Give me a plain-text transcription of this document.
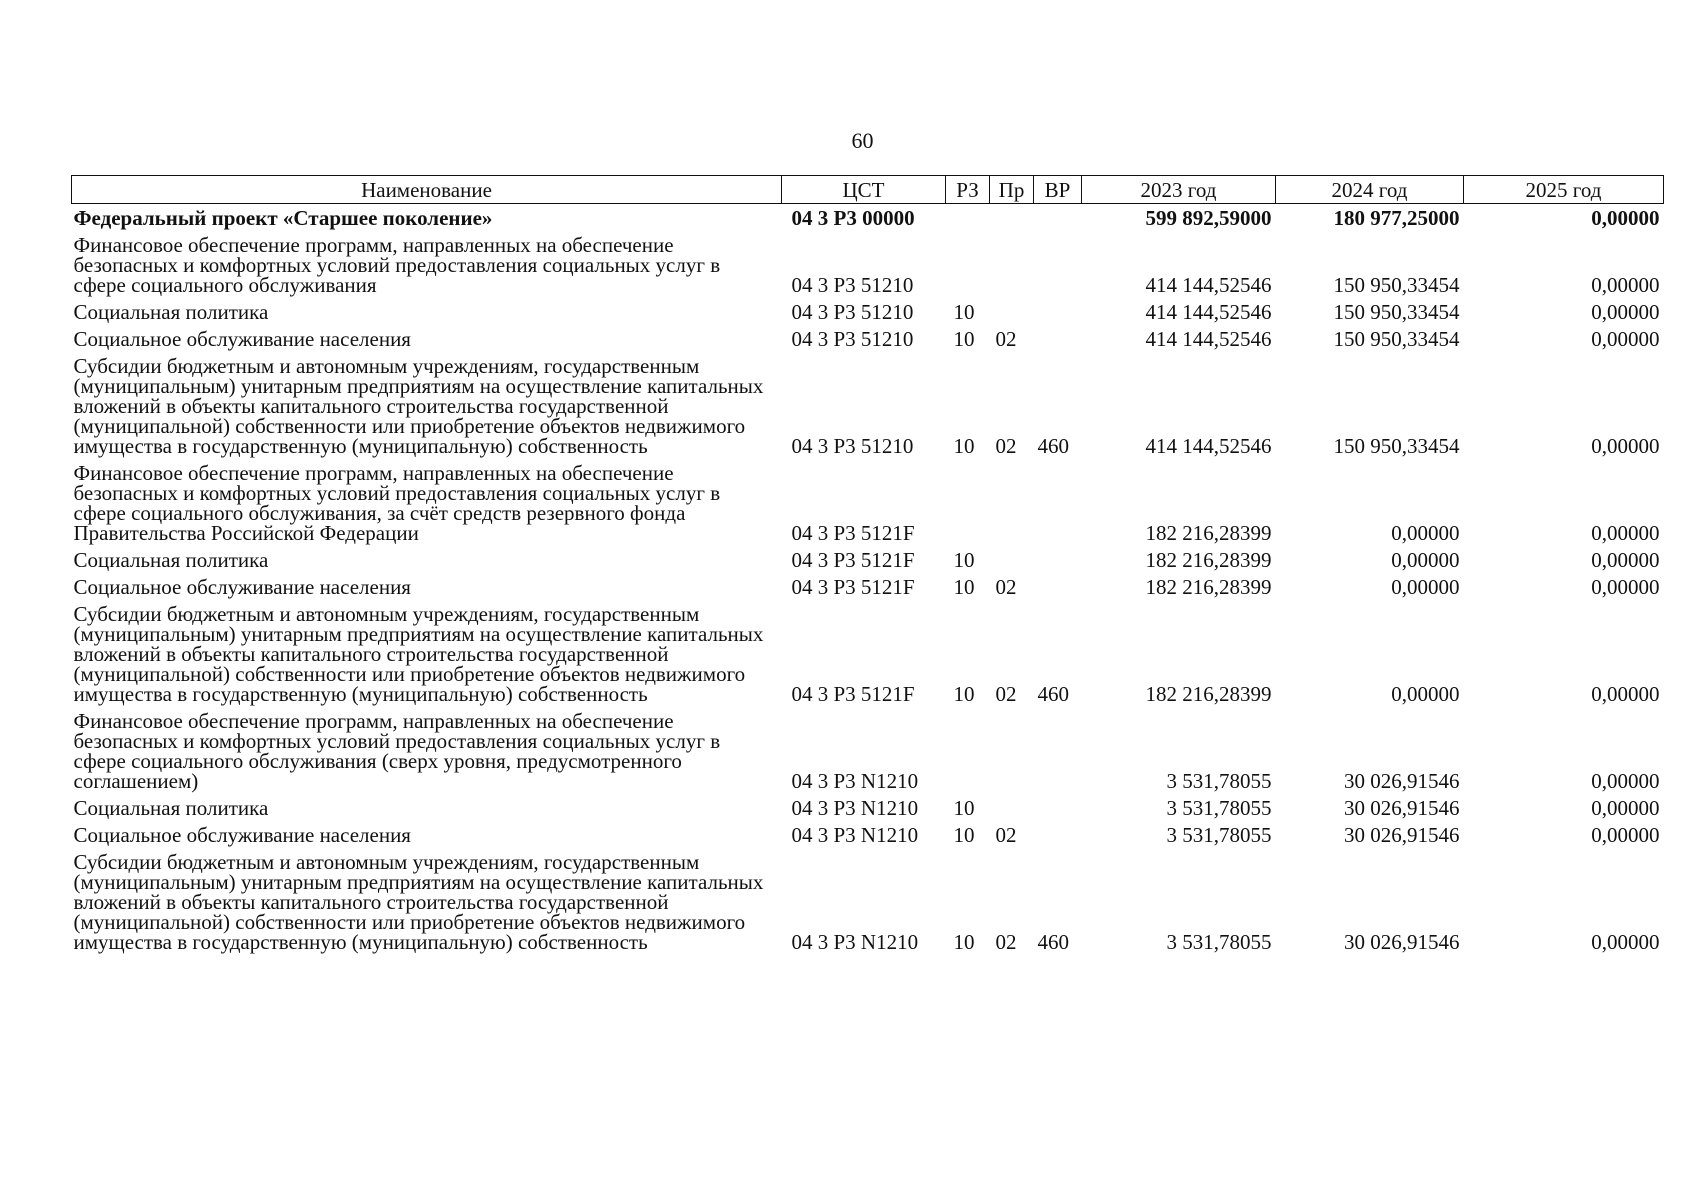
60
Наименование	ЦСТ	РЗ	Пр	ВР	2023 год	2024 год	2025 год
Федеральный проект «Старшее поколение»	04 3 P3 00000				599 892,59000	180 977,25000	0,00000
Финансовое обеспечение программ, направленных на обеспечение безопасных и комфортных условий предоставления социальных услуг в сфере социального обслуживания	04 3 P3 51210				414 144,52546	150 950,33454	0,00000
Социальная политика	04 3 P3 51210	10			414 144,52546	150 950,33454	0,00000
Социальное обслуживание населения	04 3 P3 51210	10	02		414 144,52546	150 950,33454	0,00000
Субсидии бюджетным и автономным учреждениям, государственным (муниципальным) унитарным предприятиям на осуществление капитальных вложений в объекты капитального строительства государственной (муниципальной) собственности или приобретение объектов недвижимого имущества в государственную (муниципальную) собственность	04 3 P3 51210	10	02	460	414 144,52546	150 950,33454	0,00000
Финансовое обеспечение программ, направленных на обеспечение безопасных и комфортных условий предоставления социальных услуг в сфере социального обслуживания, за счёт средств резервного фонда Правительства Российской Федерации	04 3 P3 5121F				182 216,28399	0,00000	0,00000
Социальная политика	04 3 P3 5121F	10			182 216,28399	0,00000	0,00000
Социальное обслуживание населения	04 3 P3 5121F	10	02		182 216,28399	0,00000	0,00000
Субсидии бюджетным и автономным учреждениям, государственным (муниципальным) унитарным предприятиям на осуществление капитальных вложений в объекты капитального строительства государственной (муниципальной) собственности или приобретение объектов недвижимого имущества в государственную (муниципальную) собственность	04 3 P3 5121F	10	02	460	182 216,28399	0,00000	0,00000
Финансовое обеспечение программ, направленных на обеспечение безопасных и комфортных условий предоставления социальных услуг в сфере социального обслуживания (сверх уровня, предусмотренного соглашением)	04 3 P3 N1210				3 531,78055	30 026,91546	0,00000
Социальная политика	04 3 P3 N1210	10			3 531,78055	30 026,91546	0,00000
Социальное обслуживание населения	04 3 P3 N1210	10	02		3 531,78055	30 026,91546	0,00000
Субсидии бюджетным и автономным учреждениям, государственным (муниципальным) унитарным предприятиям на осуществление капитальных вложений в объекты капитального строительства государственной (муниципальной) собственности или приобретение объектов недвижимого имущества в государственную (муниципальную) собственность	04 3 P3 N1210	10	02	460	3 531,78055	30 026,91546	0,00000
